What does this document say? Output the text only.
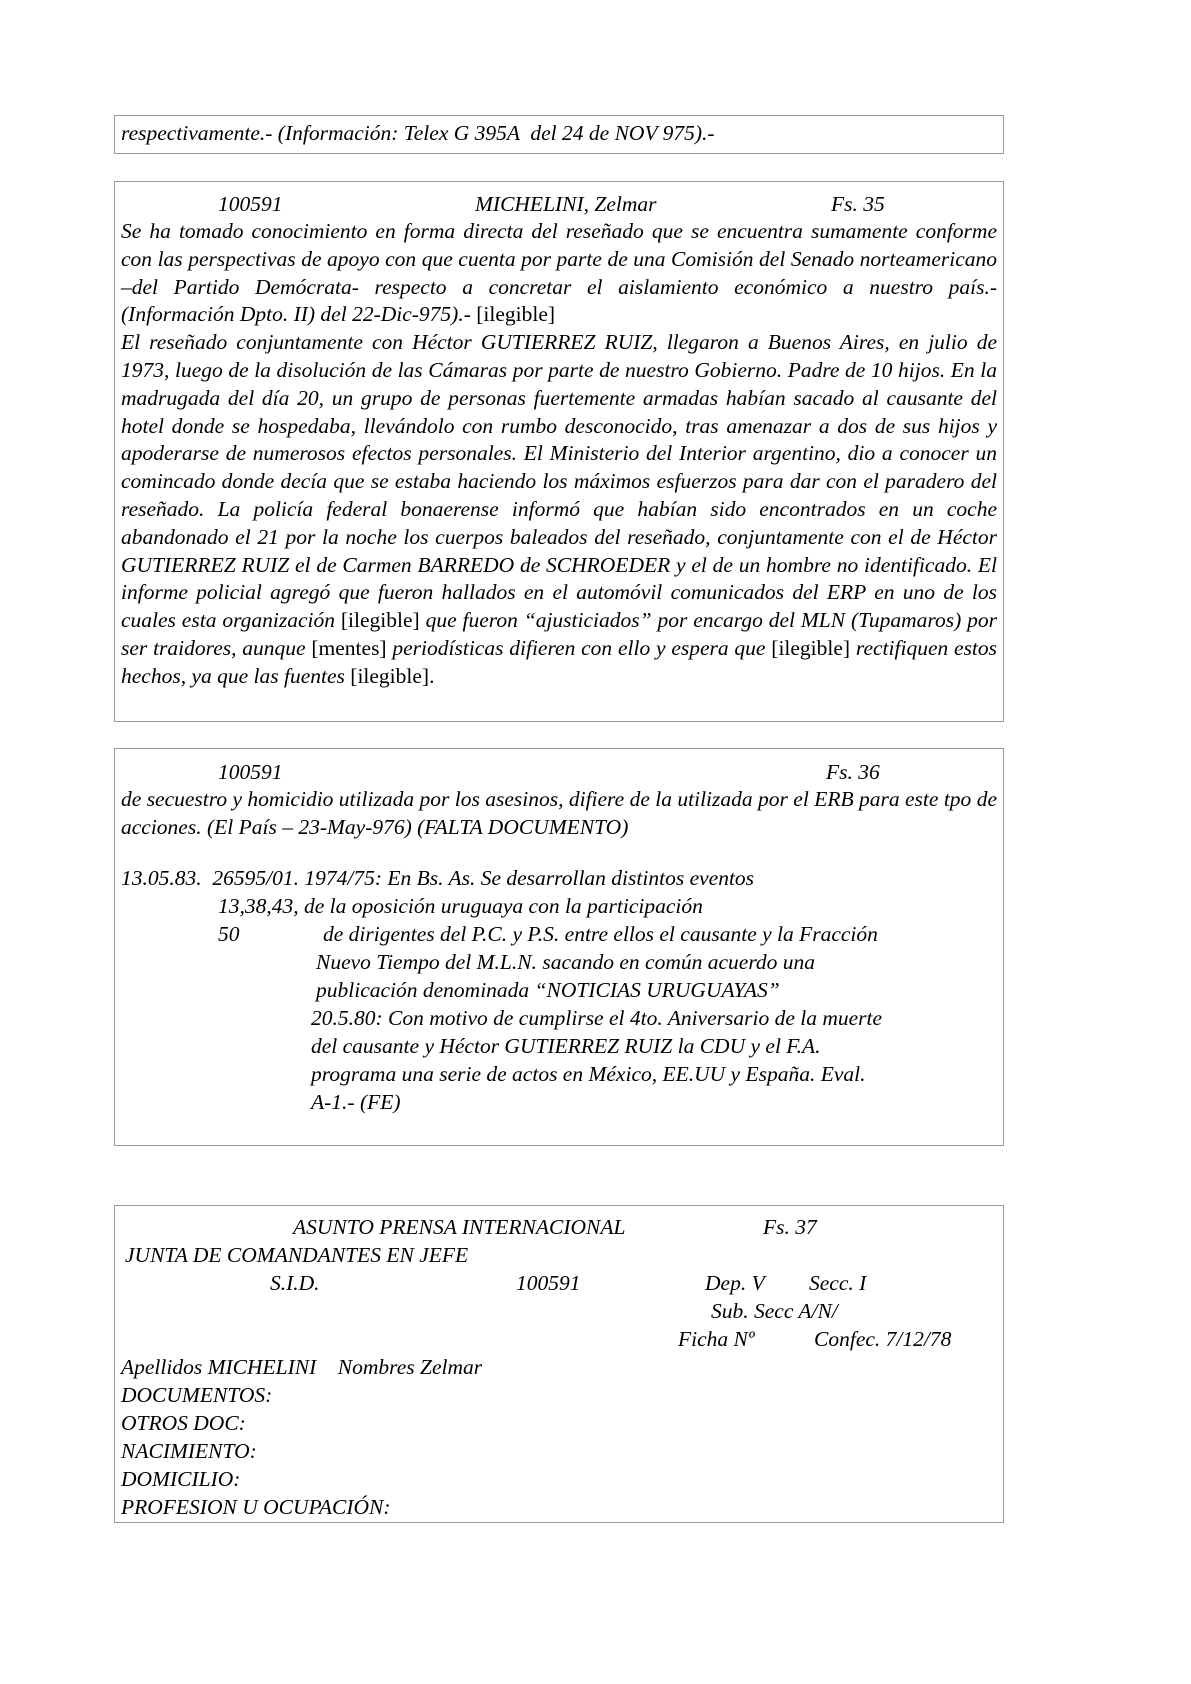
respectivamente.- (Información: Telex G 395A  del 24 de NOV 975).-
100591	MICHELINI, Zelmar	Fs. 35

Se ha tomado conocimiento en forma directa del reseñado que se encuentra sumamente conforme con las perspectivas de apoyo con que cuenta por parte de una Comisión del Senado norteamericano –del Partido Demócrata- respecto a concretar el aislamiento económico a nuestro país.- (Información Dpto. II) del 22-Dic-975).- [ilegible]

El reseñado conjuntamente con Héctor GUTIERREZ RUIZ, llegaron a Buenos Aires, en julio de 1973, luego de la disolución de las Cámaras por parte de nuestro Gobierno. Padre de 10 hijos. En la madrugada del día 20, un grupo de personas fuertemente armadas habían sacado al causante del hotel donde se hospedaba, llevándolo con rumbo desconocido, tras amenazar a dos de sus hijos y apoderarse de numerosos efectos personales. El Ministerio del Interior argentino, dio a conocer un comincado donde decía que se estaba haciendo los máximos esfuerzos para dar con el paradero del reseñado. La policía federal bonaerense informó que habían sido encontrados en un coche abandonado el 21 por la noche los cuerpos baleados del reseñado, conjuntamente con el de Héctor GUTIERREZ RUIZ el de Carmen BARREDO de SCHROEDER y el de un hombre no identificado. El informe policial agregó que fueron hallados en el automóvil comunicados del ERP en uno de los cuales esta organización [ilegible] que fueron “ajusticiados” por encargo del MLN (Tupamaros) por ser traidores, aunque [mentes] periodísticas difieren con ello y espera que [ilegible] rectifiquen estos hechos, ya que las fuentes [ilegible].

100591	Fs. 36
de secuestro y homicidio utilizada por los asesinos, difiere de la utilizada por el ERB para este tpo de acciones. (El País – 23-May-976) (FALTA DOCUMENTO)
13.05.83.  26595/01. 1974/75: En Bs. As. Se desarrollan distintos eventos
13,38,43, de la oposición uruguaya con la participación
50	de dirigentes del P.C. y P.S. entre ellos el causante y la Fracción
Nuevo Tiempo del M.L.N. sacando en común acuerdo una
publicación denominada “NOTICIAS URUGUAYAS”
20.5.80: Con motivo de cumplirse el 4to. Aniversario de la muerte
del causante y Héctor GUTIERREZ RUIZ la CDU y el F.A.
programa una serie de actos en México, EE.UU y España. Eval.
A-1.- (FE)
ASUNTO PRENSA INTERNACIONAL	Fs. 37
JUNTA DE COMANDANTES EN JEFE
S.I.D.	100591	Dep. V Secc. I
Sub. Secc A/N/
Ficha Nº	Confec. 7/12/78
Apellidos MICHELINI    Nombres Zelmar
DOCUMENTOS:
OTROS DOC:
NACIMIENTO:
DOMICILIO:
PROFESION U OCUPACIÓN:
